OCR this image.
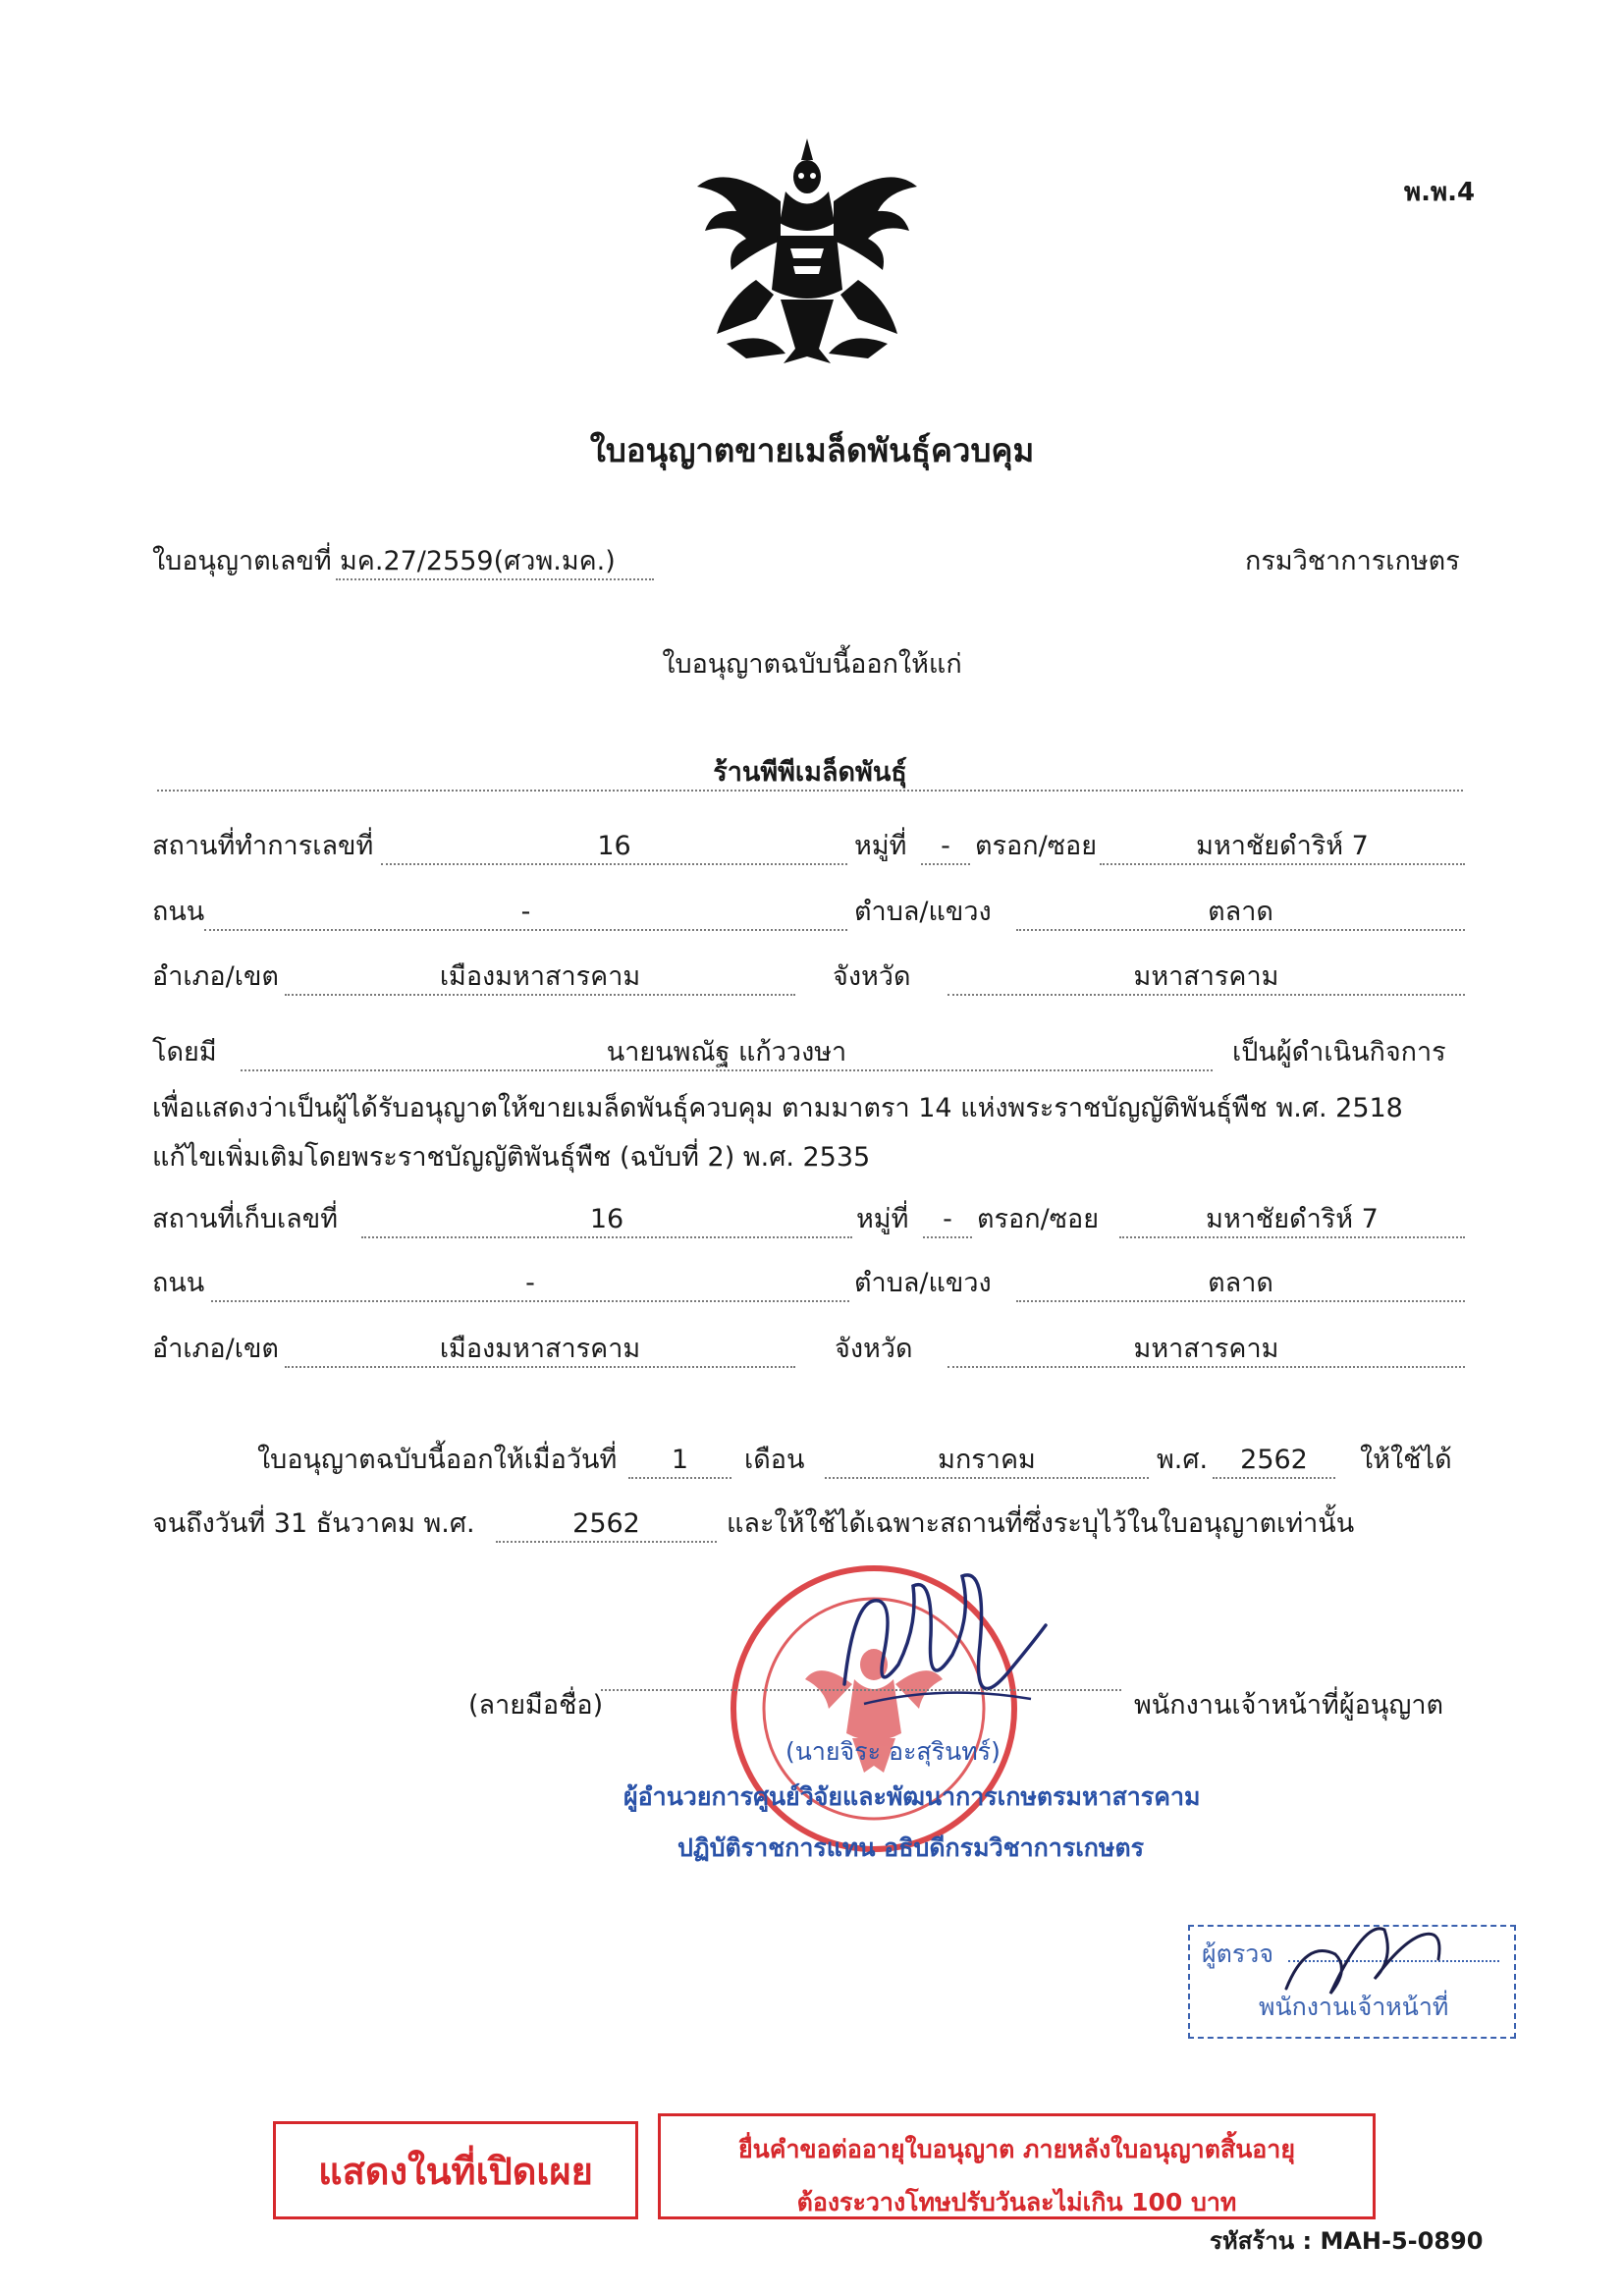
พ.พ.4
ใบอนุญาตขายเมล็ดพันธุ์ควบคุม
ใบอนุญาตเลขที่ มค.27/2559(ศวพ.มค.)	กรมวิชาการเกษตร
ใบอนุญาตฉบับนี้ออกให้แก่
ร้านพีพีเมล็ดพันธุ์
สถานที่ทำการเลขที่	16	หมู่ที่	- ตรอก/ซอย	มหาชัยดำริห์ 7
ถนน	-	ตำบล/แขวง	ตลาด
อำเภอ/เขต	เมืองมหาสารคาม	จังหวัด	มหาสารคาม
โดยมี	นายนพณัฐ แก้ววงษา	เป็นผู้ดำเนินกิจการ
เพื่อแสดงว่าเป็นผู้ได้รับอนุญาตให้ขายเมล็ดพันธุ์ควบคุม ตามมาตรา 14 แห่งพระราชบัญญัติพันธุ์พืช พ.ศ. 2518
แก้ไขเพิ่มเติมโดยพระราชบัญญัติพันธุ์พืช (ฉบับที่ 2) พ.ศ. 2535
สถานที่เก็บเลขที่	16	หมู่ที่	- ตรอก/ซอย	มหาชัยดำริห์ 7
ถนน	-	ตำบล/แขวง	ตลาด
อำเภอ/เขต	เมืองมหาสารคาม	จังหวัด	มหาสารคาม
ใบอนุญาตฉบับนี้ออกให้เมื่อวันที่	1	เดือน	มกราคม	พ.ศ.	2562	ให้ใช้ได้
จนถึงวันที่ 31 ธันวาคม พ.ศ.	2562	และให้ใช้ได้เฉพาะสถานที่ซึ่งระบุไว้ในใบอนุญาตเท่านั้น
(ลายมือชื่อ)	พนักงานเจ้าหน้าที่ผู้อนุญาต
(นายจิระ อะสุรินทร์)
ผู้อำนวยการศูนย์วิจัยและพัฒนาการเกษตรมหาสารคาม
ปฏิบัติราชการแทน อธิบดีกรมวิชาการเกษตร
ผู้ตรวจ
พนักงานเจ้าหน้าที่
แสดงในที่เปิดเผย	ยื่นคำขอต่ออายุใบอนุญาต ภายหลังใบอนุญาตสิ้นอายุ
ต้องระวางโทษปรับวันละไม่เกิน 100 บาท
รหัสร้าน : MAH-5-0890
